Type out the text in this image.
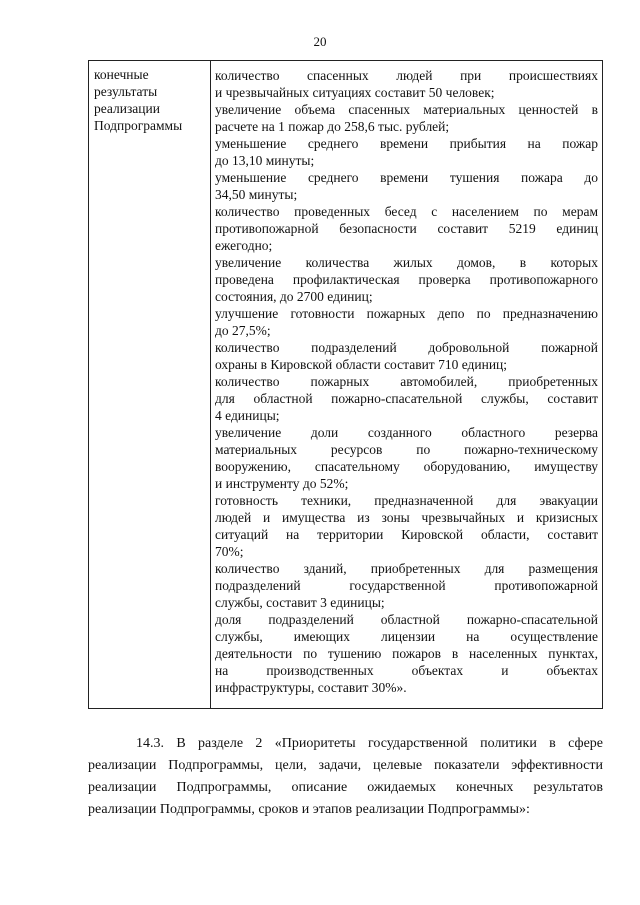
20
конечные
результаты
реализации
Подпрограммы
количество спасенных людей при происшествиях
и чрезвычайных ситуациях составит 50 человек;
увеличение объема спасенных материальных ценностей в
расчете на 1 пожар до 258,6 тыс. рублей;
уменьшение среднего времени прибытия на пожар
до 13,10 минуты;
уменьшение среднего времени тушения пожара до
34,50 минуты;
количество проведенных бесед с населением по мерам
противопожарной безопасности составит 5219 единиц
ежегодно;
увеличение количества жилых домов, в которых
проведена профилактическая проверка противопожарного
состояния, до 2700 единиц;
улучшение готовности пожарных депо по предназначению
до 27,5%;
количество подразделений добровольной пожарной
охраны в Кировской области составит 710 единиц;
количество пожарных автомобилей, приобретенных
для областной пожарно-спасательной службы, составит
4 единицы;
увеличение доли созданного областного резерва
материальных ресурсов по пожарно-техническому
вооружению, спасательному оборудованию, имуществу
и инструменту до 52%;
готовность техники, предназначенной для эвакуации
людей и имущества из зоны чрезвычайных и кризисных
ситуаций на территории Кировской области, составит
70%;
количество зданий, приобретенных для размещения
подразделений государственной противопожарной
службы, составит 3 единицы;
доля подразделений областной пожарно-спасательной
службы, имеющих лицензии на осуществление
деятельности по тушению пожаров в населенных пунктах,
на производственных объектах и объектах
инфраструктуры, составит 30%».
14.3. В разделе 2 «Приоритеты государственной политики в сфере
реализации Подпрограммы, цели, задачи, целевые показатели эффективности
реализации Подпрограммы, описание ожидаемых конечных результатов
реализации Подпрограммы, сроков и этапов реализации Подпрограммы»:
